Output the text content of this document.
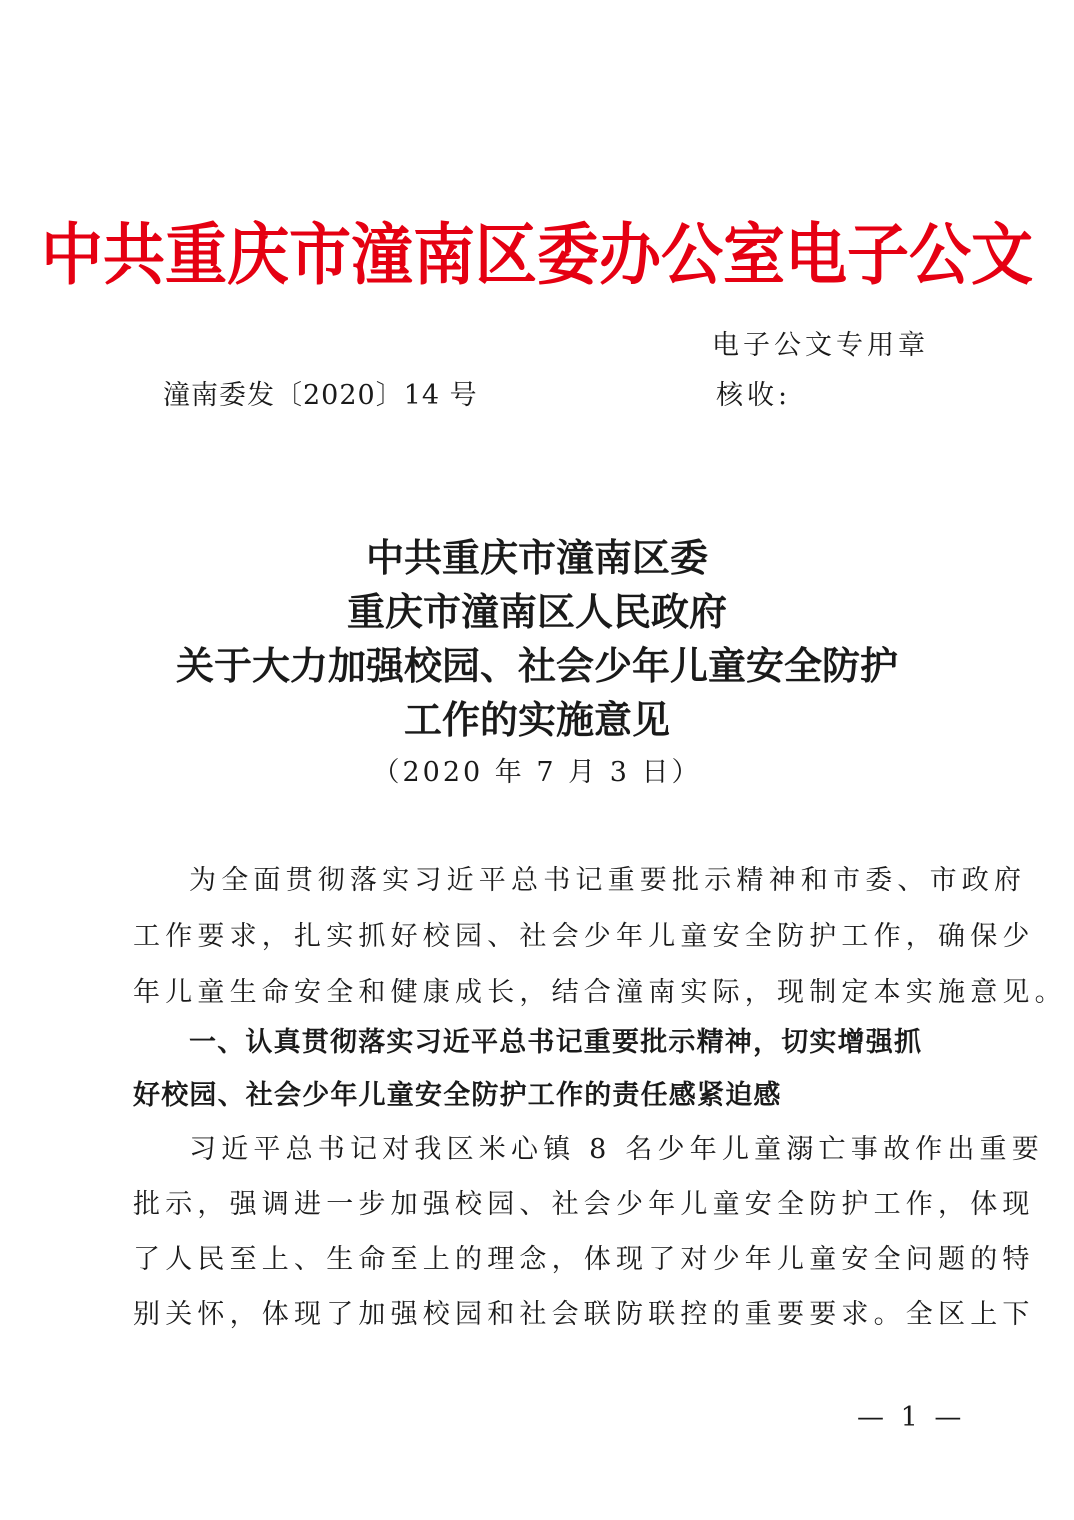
中共重庆市潼南区委办公室电子公文
电子公文专用章
潼南委发〔2020〕14 号	核收:
中共重庆市潼南区委
重庆市潼南区人民政府
关于大力加强校园、社会少年儿童安全防护
工作的实施意见
（2020 年 7 月 3 日）
为全面贯彻落实习近平总书记重要批示精神和市委、市政府
工作要求，扎实抓好校园、社会少年儿童安全防护工作，确保少
年儿童生命安全和健康成长，结合潼南实际，现制定本实施意见。
一、认真贯彻落实习近平总书记重要批示精神，切实增强抓
好校园、社会少年儿童安全防护工作的责任感紧迫感
习近平总书记对我区米心镇 8 名少年儿童溺亡事故作出重要
批示，强调进一步加强校园、社会少年儿童安全防护工作，体现
了人民至上、生命至上的理念，体现了对少年儿童安全问题的特
别关怀，体现了加强校园和社会联防联控的重要要求。全区上下
— 1 —
